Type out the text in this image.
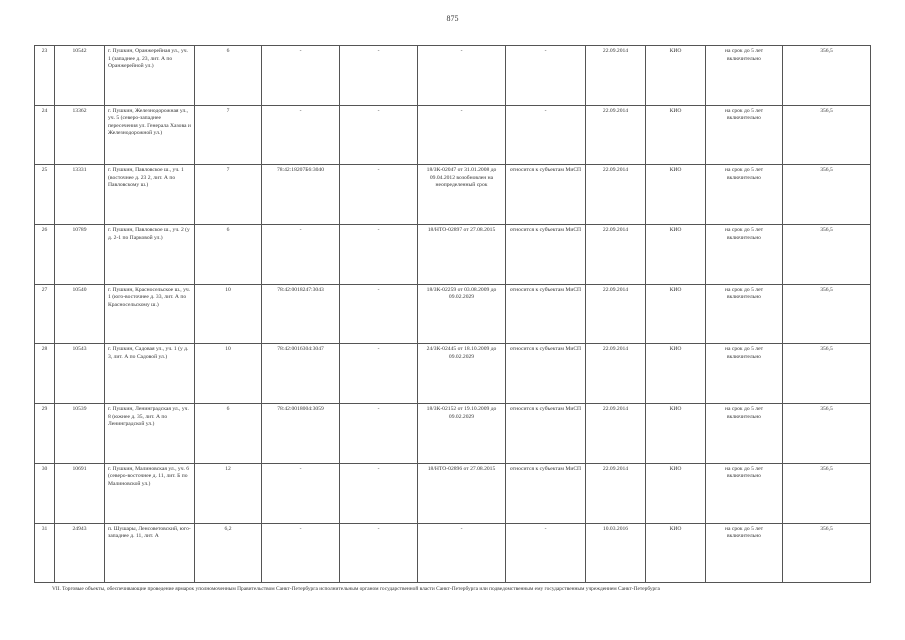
875
23	10542	г. Пушкин, Оранжерейная ул., уч. 1 (западнее д. 23, лит. А по Оранжерейной ул.)	6	-	-	-	-	22.09.2014	КИО	на срок до 5 лет включительно	356,5
24	13362	г. Пушкин, Железнодорожная ул., уч. 5 (северо-западнее пересечения ул. Генерала Хазова и Железнодорожной ул.)	7	-	-	-	-	22.09.2014	КИО	на срок до 5 лет включительно	356,5
25	13331	г. Пушкин, Павловское ш., уч. 1 (восточнее д. 23 2, лит. А по Павловскому ш.)	7	78:42:18207Б6:3040	-	18/ЗК-02047 от 31.01.2008 до 09.04.2012 возобновлен на неопределенный срок	относится к субъектам МиСП	22.09.2014	КИО	на срок до 5 лет включительно	356,5
26	10789	г. Пушкин, Павловское ш., уч. 2 (у д. 2-1 по Парковой ул.)	6	-	-	18/НТО-02897 от 27.08.2015	относится к субъектам МиСП	22.09.2014	КИО	на срок до 5 лет включительно	356,5
27	10540	г. Пушкин, Красносельское ш., уч. 1 (юго-восточнее д. 33, лит. А по Красносельскому ш.)	10	78:42:0018247:3043	-	18/ЗК-02259 от 03.08.2009 до 09.02.2029	относится к субъектам МиСП	22.09.2014	КИО	на срок до 5 лет включительно	356,5
28	10543	г. Пушкин, Садовая ул., уч. 1 (у д. 3, лит. А по Садовой ул.)	10	78:42:0016304:3047	-	24/ЗК-02445 от 18.10.2009 до 09.02.2029	относится к субъектам МиСП	22.09.2014	КИО	на срок до 5 лет включительно	356,5
29	10539	г. Пушкин, Ленинградская ул., уч. 8 (южнее д. 35, лит. А по Ленинградской ул.)	6	78:42:0018004:3059	-	18/ЗК-02152 от 19.10.2009 до 09.02.2029	относится к субъектам МиСП	22.09.2014	КИО	на срок до 5 лет включительно	356,5
30	10691	г. Пушкин, Малиновская ул., уч. 6 (северо-восточнее д. 11, лит. Б по Малиновской ул.)	12	-	-	18/НТО-02896 от 27.08.2015	относится к субъектам МиСП	22.09.2014	КИО	на срок до 5 лет включительно	356,5
31	24943	п. Шушары, Ленсоветовский, юго-западнее д. 11, лит. А	6,2	-	-	-	-	10.03.2016	КИО	на срок до 5 лет включительно	356,5
VII. Торговые объекты, обеспечивающие проведение ярмарок уполномоченным Правительством Санкт-Петербурга исполнительным органом государственной власти Санкт-Петербурга или подведомственным ему государственным учреждением Санкт-Петербурга
